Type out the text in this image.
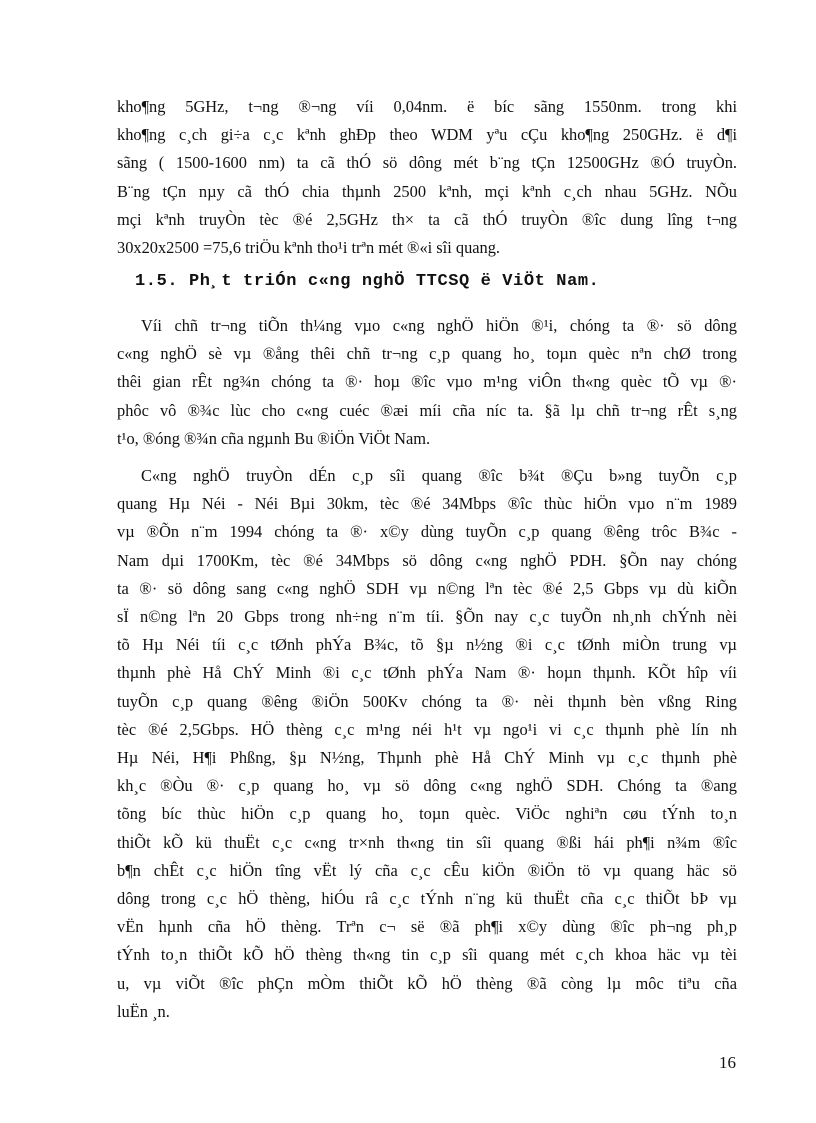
kho¶ng 5GHz, t¬ng ®¬ng víi 0,04nm. ë bíc sãng 1550nm. trong khi
kho¶ng c¸ch gi÷a c¸c kªnh ghÐp theo WDM yªu cÇu kho¶ng 250GHz. ë d¶i
sãng ( 1500-1600 nm) ta cã thÓ sö dông mét b¨ng tÇn 12500GHz ®Ó truyÒn.
B¨ng tÇn nµy cã thÓ chia thµnh 2500 kªnh, mçi kªnh c¸ch nhau 5GHz. NÕu
mçi kªnh truyÒn tèc ®é 2,5GHz th× ta cã thÓ truyÒn ®îc dung lîng t¬ng
30x20x2500 =75,6 triÖu kªnh tho¹i trªn mét ®«i sîi quang.
1.5. Ph¸t triÓn c«ng nghÖ TTCSQ ë ViÖt Nam.
Víi chñ tr¬ng tiÕn th¼ng vµo c«ng nghÖ hiÖn ®¹i, chóng ta ®· sö dông
c«ng nghÖ sè vµ ®ång thêi chñ tr¬ng c¸p quang ho¸ toµn quèc nªn chØ trong
thêi gian rÊt ng¾n chóng ta ®· hoµ ®îc vµo m¹ng viÔn th«ng quèc tÕ vµ ®·
phôc vô ®¾c lùc cho c«ng cuéc ®æi míi cña níc ta. §ã lµ chñ tr¬ng rÊt s¸ng
t¹o, ®óng ®¾n cña ngµnh Bu ®iÖn ViÖt Nam.
C«ng nghÖ truyÒn dÉn c¸p sîi quang ®îc b¾t ®Çu b»ng tuyÕn c¸p
quang Hµ Néi - Néi Bµi 30km, tèc ®é 34Mbps ®îc thùc hiÖn vµo n¨m 1989
vµ ®Õn n¨m 1994 chóng ta ®· x©y dùng tuyÕn c¸p quang ®êng trôc B¾c -
Nam dµi 1700Km, tèc ®é 34Mbps sö dông c«ng nghÖ PDH. §Õn nay chóng
ta ®· sö dông sang c«ng nghÖ SDH vµ n©ng lªn tèc ®é 2,5 Gbps vµ dù kiÕn
sÏ n©ng lªn 20 Gbps trong nh÷ng n¨m tíi. §Õn nay c¸c tuyÕn nh¸nh chÝnh nèi
tõ Hµ Néi tíi c¸c tØnh phÝa B¾c, tõ §µ n½ng ®i c¸c tØnh miÒn trung vµ
thµnh phè Hå ChÝ Minh ®i c¸c tØnh phÝa Nam ®· hoµn thµnh. KÕt hîp víi
tuyÕn c¸p quang ®êng ®iÖn 500Kv chóng ta ®· nèi thµnh bèn vßng Ring
tèc ®é 2,5Gbps. HÖ thèng c¸c m¹ng néi h¹t vµ ngo¹i vi c¸c thµnh phè lín nh
Hµ Néi, H¶i Phßng, §µ N½ng, Thµnh phè Hå ChÝ Minh vµ c¸c thµnh phè
kh¸c ®Òu ®· c¸p quang ho¸ vµ sö dông c«ng nghÖ SDH. Chóng ta ®ang
tõng bíc thùc hiÖn c¸p quang ho¸ toµn quèc. ViÖc nghiªn cøu tÝnh to¸n
thiÕt kÕ kü thuËt c¸c c«ng tr×nh th«ng tin sîi quang ®ßi hái ph¶i n¾m ®îc
b¶n chÊt c¸c hiÖn tîng vËt lý cña c¸c cÊu kiÖn ®iÖn tö vµ quang häc sö
dông trong c¸c hÖ thèng, hiÓu râ c¸c tÝnh n¨ng kü thuËt cña c¸c thiÕt bÞ vµ
vËn hµnh cña hÖ thèng. Trªn c¬ së ®ã ph¶i x©y dùng ®îc ph¬ng ph¸p
tÝnh to¸n thiÕt kÕ hÖ thèng th«ng tin c¸p sîi quang mét c¸ch khoa häc vµ tèi
u, vµ viÕt ®îc phÇn mÒm thiÕt kÕ hÖ thèng ®ã còng lµ môc tiªu cña
luËn ¸n.

16
